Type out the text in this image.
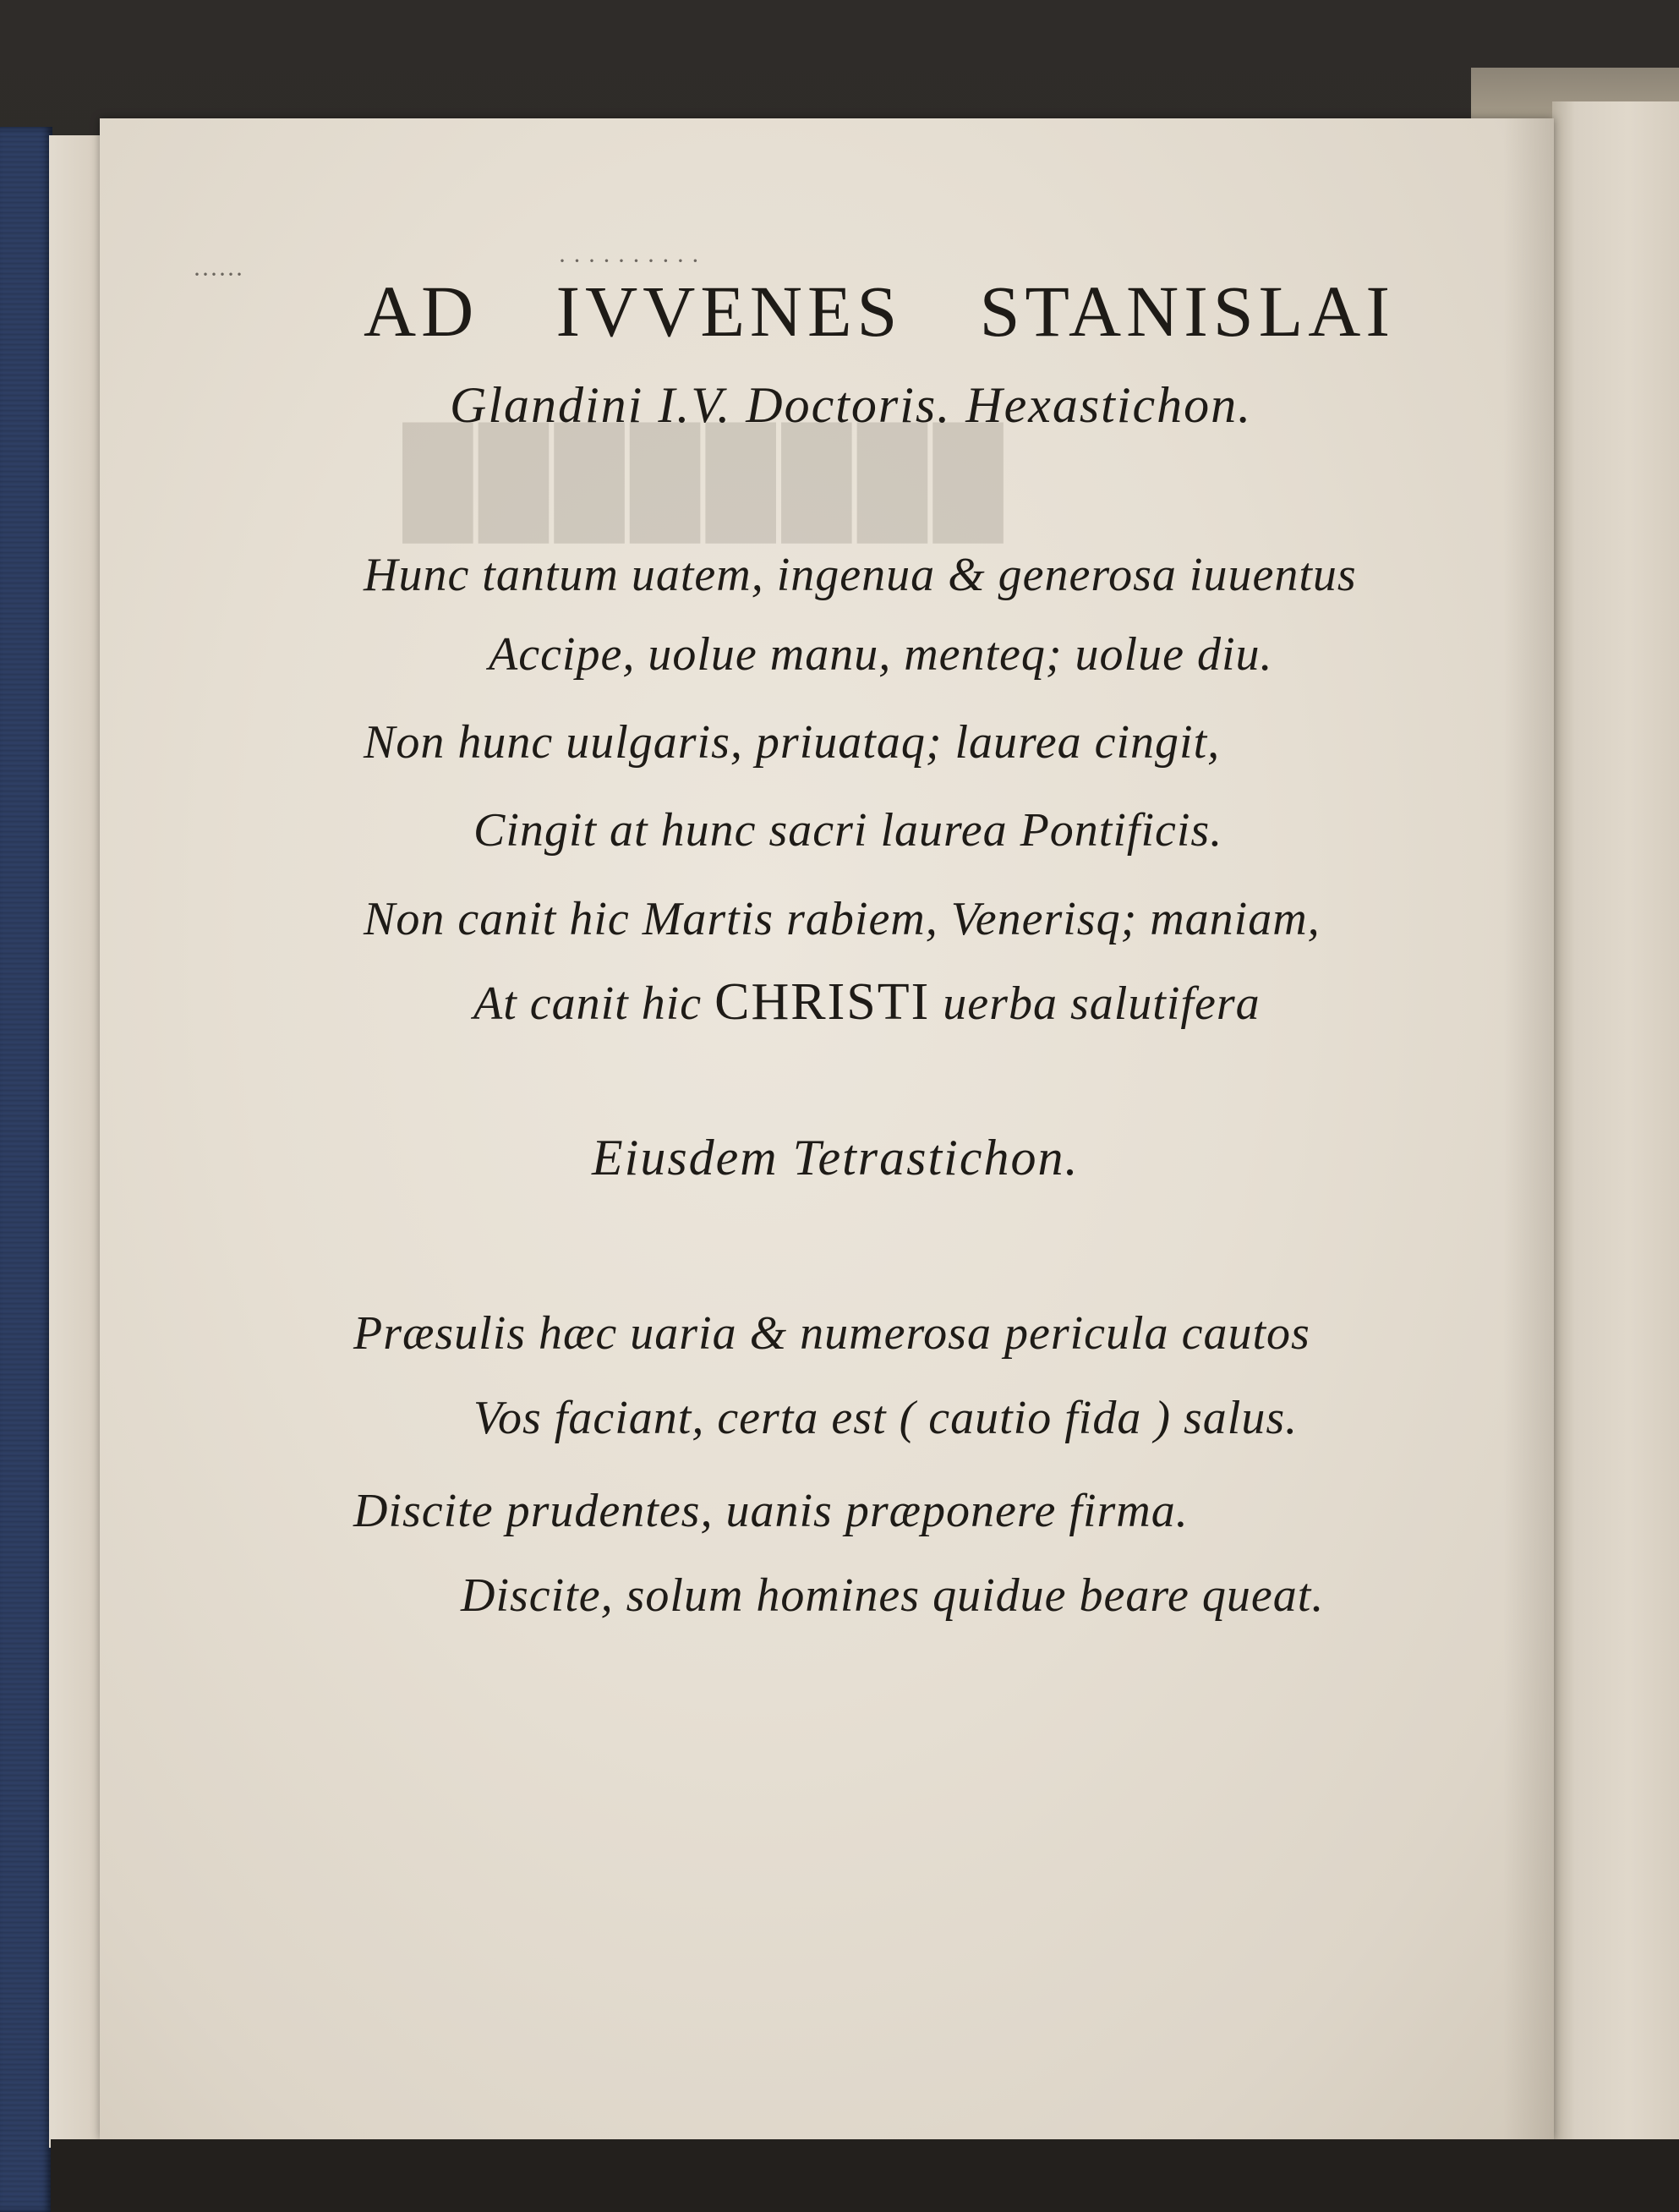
████████
······	· · · · · · · · · ·
AD IVVENES STANISLAI
Glandini I.V. Doctoris. Hexastichon.
Hunc tantum uatem, ingenua & generosa iuuentus
Accipe, uolue manu, menteq; uolue diu.
Non hunc uulgaris, priuataq; laurea cingit,
Cingit at hunc sacri laurea Pontificis.
Non canit hic Martis rabiem, Venerisq; maniam,
At canit hic CHRISTI uerba salutifera
Eiusdem Tetrastichon.
Præsulis hæc uaria & numerosa pericula cautos
Vos faciant, certa est ( cautio fida ) salus.
Discite prudentes, uanis præponere firma.
Discite, solum homines quidue beare queat.
